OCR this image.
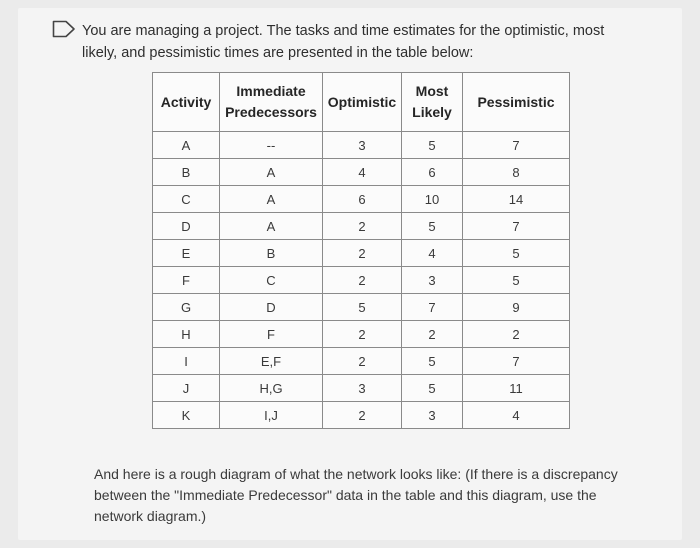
You are managing a project. The tasks and time estimates for the optimistic, most likely, and pessimistic times are presented in the table below:

Activity	Immediate Predecessors	Optimistic	Most Likely	Pessimistic
A	--	3	5	7
B	A	4	6	8
C	A	6	10	14
D	A	2	5	7
E	B	2	4	5
F	C	2	3	5
G	D	5	7	9
H	F	2	2	2
I	E,F	2	5	7
J	H,G	3	5	11
K	I,J	2	3	4

And here is a rough diagram of what the network looks like: (If there is a discrepancy between the "Immediate Predecessor" data in the table and this diagram, use the network diagram.)
